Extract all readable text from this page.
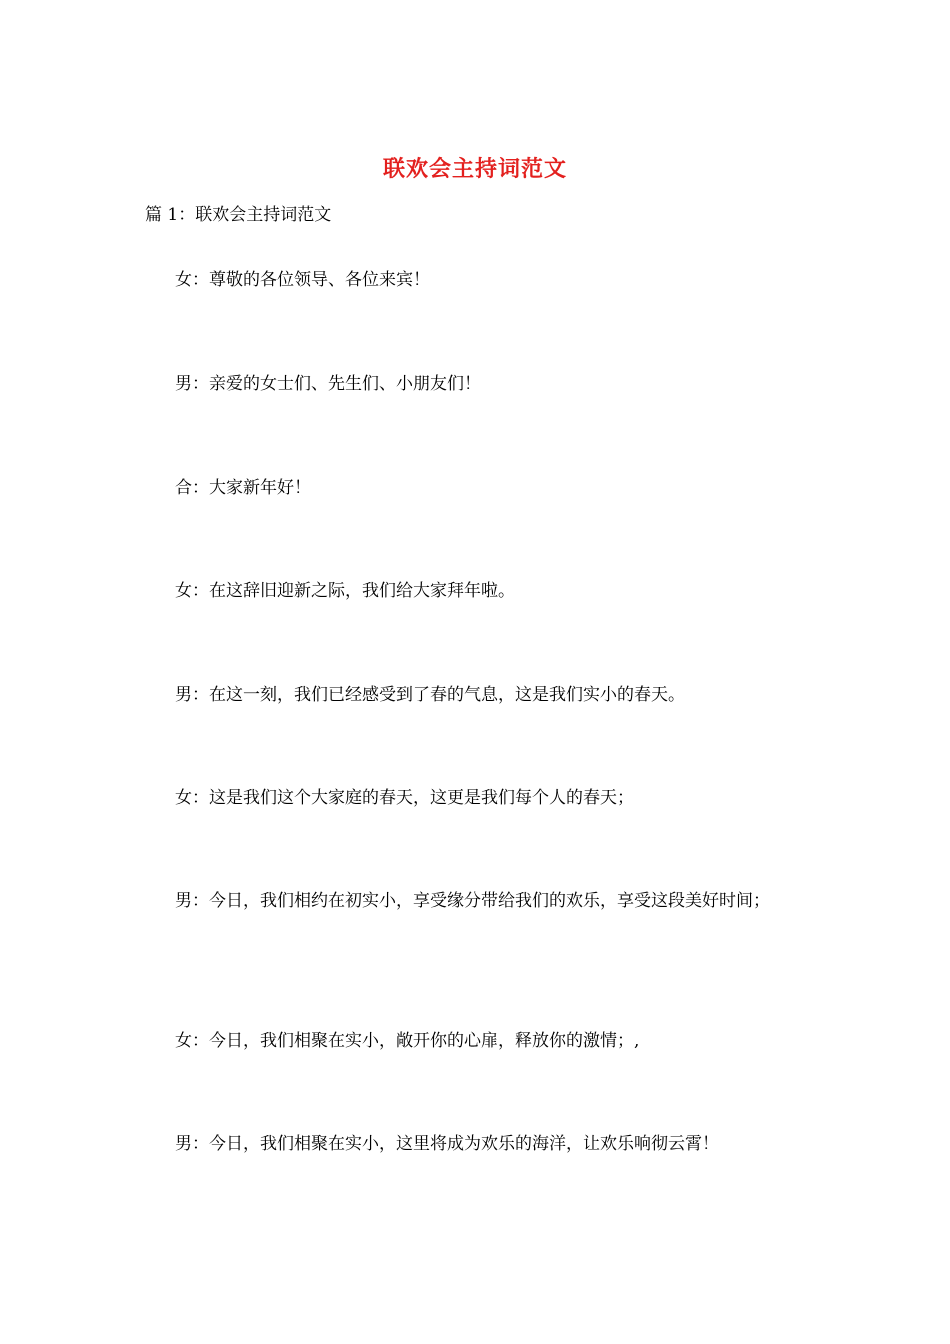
联欢会主持词范文

篇 1：联欢会主持词范文

女：尊敬的各位领导、各位来宾！

男：亲爱的女士们、先生们、小朋友们！

合：大家新年好！

女：在这辞旧迎新之际，我们给大家拜年啦。

男：在这一刻，我们已经感受到了春的气息，这是我们实小的春天。

女：这是我们这个大家庭的春天，这更是我们每个人的春天；

男：今日，我们相约在初实小，享受缘分带给我们的欢乐，享受这段美好时间；

女：今日，我们相聚在实小，敞开你的心扉，释放你的激情；,

男：今日，我们相聚在实小，这里将成为欢乐的海洋，让欢乐响彻云霄！
